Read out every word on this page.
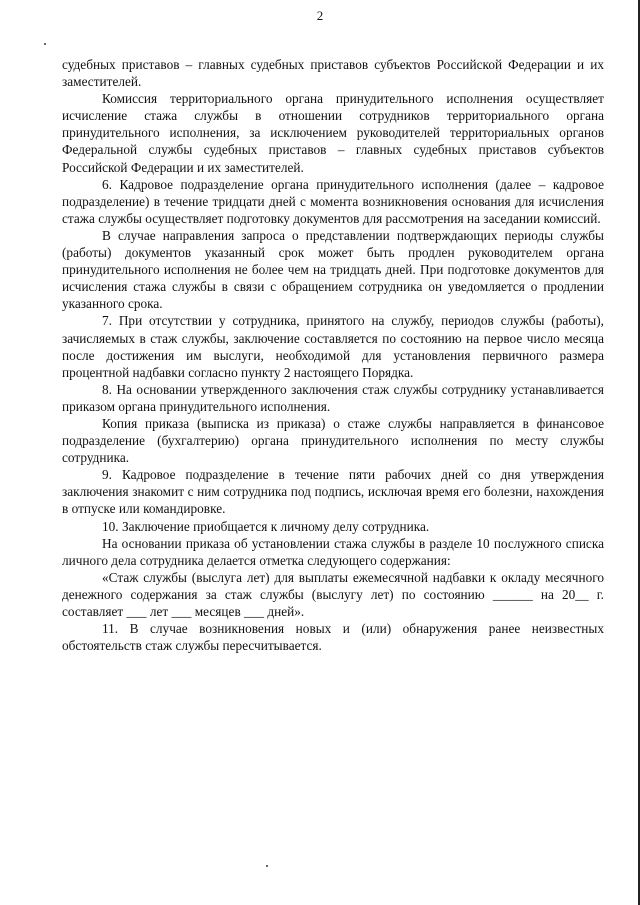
2

судебных приставов – главных судебных приставов субъектов Российской Федерации и их заместителей.

Комиссия территориального органа принудительного исполнения осуществляет исчисление стажа службы в отношении сотрудников территориального органа принудительного исполнения, за исключением руководителей территориальных органов Федеральной службы судебных приставов – главных судебных приставов субъектов Российской Федерации и их заместителей.

6. Кадровое подразделение органа принудительного исполнения (далее – кадровое подразделение) в течение тридцати дней с момента возникновения основания для исчисления стажа службы осуществляет подготовку документов для рассмотрения на заседании комиссий.

В случае направления запроса о представлении подтверждающих периоды службы (работы) документов указанный срок может быть продлен руководителем органа принудительного исполнения не более чем на тридцать дней. При подготовке документов для исчисления стажа службы в связи с обращением сотрудника он уведомляется о продлении указанного срока.

7. При отсутствии у сотрудника, принятого на службу, периодов службы (работы), зачисляемых в стаж службы, заключение составляется по состоянию на первое число месяца после достижения им выслуги, необходимой для установления первичного размера процентной надбавки согласно пункту 2 настоящего Порядка.

8. На основании утвержденного заключения стаж службы сотруднику устанавливается приказом органа принудительного исполнения.

Копия приказа (выписка из приказа) о стаже службы направляется в финансовое подразделение (бухгалтерию) органа принудительного исполнения по месту службы сотрудника.

9. Кадровое подразделение в течение пяти рабочих дней со дня утверждения заключения знакомит с ним сотрудника под подпись, исключая время его болезни, нахождения в отпуске или командировке.

10. Заключение приобщается к личному делу сотрудника.

На основании приказа об установлении стажа службы в разделе 10 послужного списка личного дела сотрудника делается отметка следующего содержания:

«Стаж службы (выслуга лет) для выплаты ежемесячной надбавки к окладу месячного денежного содержания за стаж службы (выслугу лет) по состоянию ______ на 20__ г. составляет ___ лет ___ месяцев ___ дней».

11. В случае возникновения новых и (или) обнаружения ранее неизвестных обстоятельств стаж службы пересчитывается.
